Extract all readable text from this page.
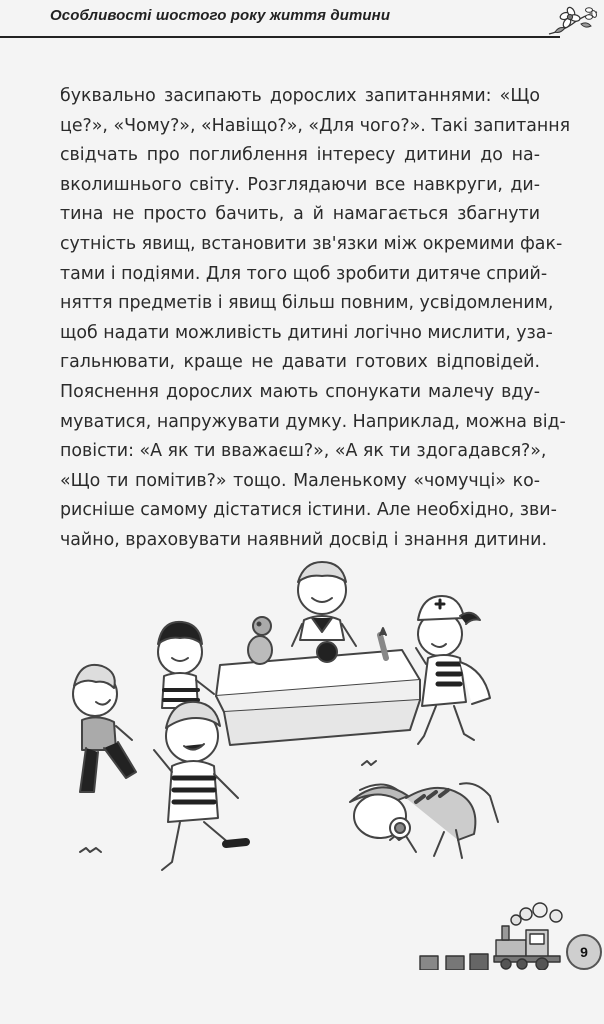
Особливості шостого року життя дитини
буквально засипають дорослих запитаннями: «Що
це?», «Чому?», «Навіщо?», «Для чого?». Такі запитання
свідчать про поглиблення інтересу дитини до на-
вколишнього світу. Розглядаючи все навкруги, ди-
тина не просто бачить, а й намагається збагнути
сутність явищ, встановити зв'язки між окремими фак-
тами і подіями. Для того щоб зробити дитяче сприй-
няття предметів і явищ більш повним, усвідомленим,
щоб надати можливість дитині логічно мислити, уза-
гальнювати, краще не давати готових відповідей.
Пояснення дорослих мають спонукати малечу вду-
муватися, напружувати думку. Наприклад, можна від-
повісти: «А як ти вважаєш?», «А як ти здогадався?»,
«Що ти помітив?» тощо. Маленькому «чомучці» ко-
рисніше самому дістатися істини. Але необхідно, зви-
чайно, враховувати наявний досвід і знання дитини.
9
